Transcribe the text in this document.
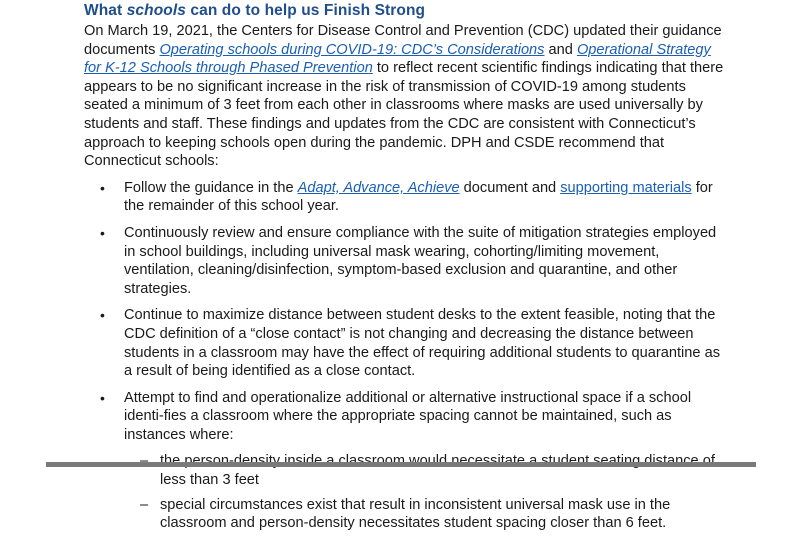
What schools can do to help us Finish Strong

On March 19, 2021, the Centers for Disease Control and Prevention (CDC) updated their guidance documents Operating schools during COVID-19: CDC’s Considerations and Operational Strategy for K-12 Schools through Phased Prevention to reflect recent scientific findings indicating that there appears to be no significant increase in the risk of transmission of COVID-19 among students seated a minimum of 3 feet from each other in classrooms where masks are used universally by students and staff. These findings and updates from the CDC are consistent with Connecticut’s approach to keeping schools open during the pandemic. DPH and CSDE recommend that Connecticut schools:

• Follow the guidance in the Adapt, Advance, Achieve document and supporting materials for the remainder of this school year.
• Continuously review and ensure compliance with the suite of mitigation strategies employed in school buildings, including universal mask wearing, cohorting/limiting movement, ventilation, cleaning/disinfection, symptom-based exclusion and quarantine, and other strategies.
• Continue to maximize distance between student desks to the extent feasible, noting that the CDC definition of a “close contact” is not changing and decreasing the distance between students in a classroom may have the effect of requiring additional students to quarantine as a result of being identified as a close contact.
• Attempt to find and operationalize additional or alternative instructional space if a school identi-fies a classroom where the appropriate spacing cannot be maintained, such as instances where:
less than 3 feet
– special circumstances exist that result in inconsistent universal mask use in the classroom and person-density necessitates student spacing closer than 6 feet.
